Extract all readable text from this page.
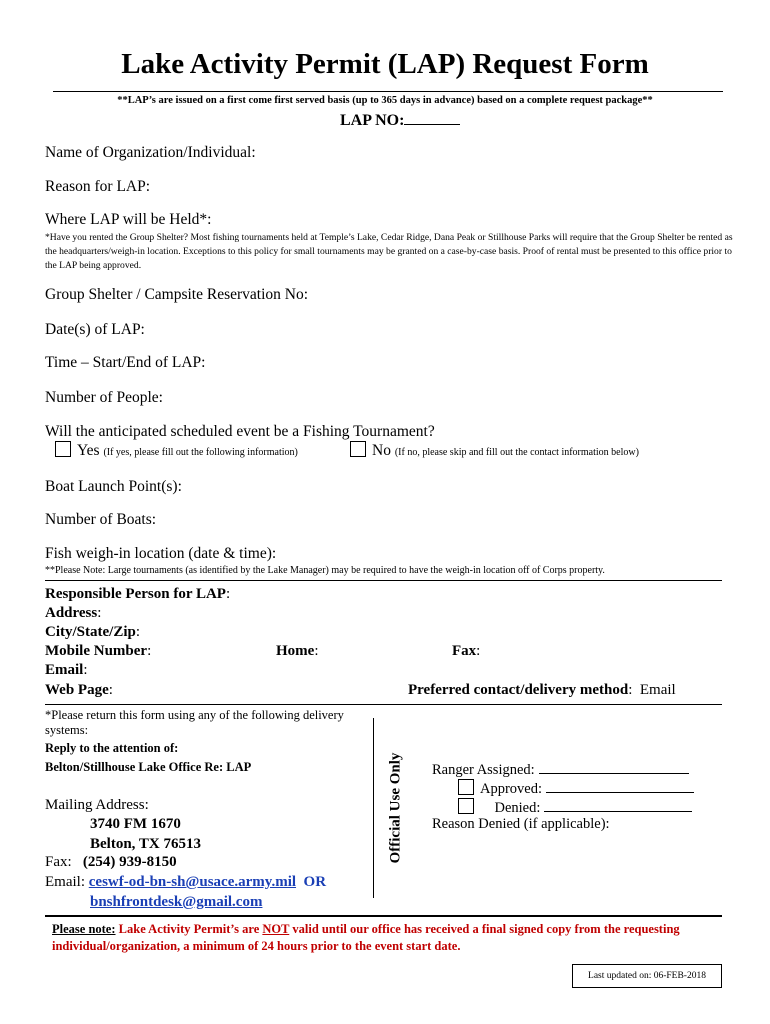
Lake Activity Permit (LAP) Request Form
**LAP’s are issued on a first come first served basis (up to 365 days in advance) based on a complete request package**
LAP NO:
Name of Organization/Individual:
Reason for LAP:
Where LAP will be Held*:
*Have you rented the Group Shelter? Most fishing tournaments held at Temple’s Lake, Cedar Ridge, Dana Peak or Stillhouse Parks will require that the Group Shelter be rented as the headquarters/weigh-in location. Exceptions to this policy for small tournaments may be granted on a case-by-case basis. Proof of rental must be presented to this office prior to the LAP being approved.
Group Shelter / Campsite Reservation No:
Date(s) of LAP:
Time – Start/End of LAP:
Number of People:
Will the anticipated scheduled event be a Fishing Tournament?
Yes (If yes, please fill out the following information)	No (If no, please skip and fill out the contact information below)
Boat Launch Point(s):
Number of Boats:
Fish weigh-in location (date & time):
**Please Note: Large tournaments (as identified by the Lake Manager) may be required to have the weigh-in location off of Corps property.
Responsible Person for LAP:
Address:
City/State/Zip:
Mobile Number:	Home:	Fax:
Email:
Web Page:	Preferred contact/delivery method:  Email
*Please return this form using any of the following delivery systems:
Reply to the attention of:
Belton/Stillhouse Lake Office Re: LAP
Mailing Address:
3740 FM 1670
Belton, TX 76513
Fax: (254) 939-8150
Email: ceswf-od-bn-sh@usace.army.mil OR
bnshfrontdesk@gmail.com
Official Use Only Ranger Assigned:
Approved:
Denied:
Reason Denied (if applicable):
Please note: Lake Activity Permit’s are NOT valid until our office has received a final signed copy from the requesting individual/organization, a minimum of 24 hours prior to the event start date.
Last updated on: 06-FEB-2018
